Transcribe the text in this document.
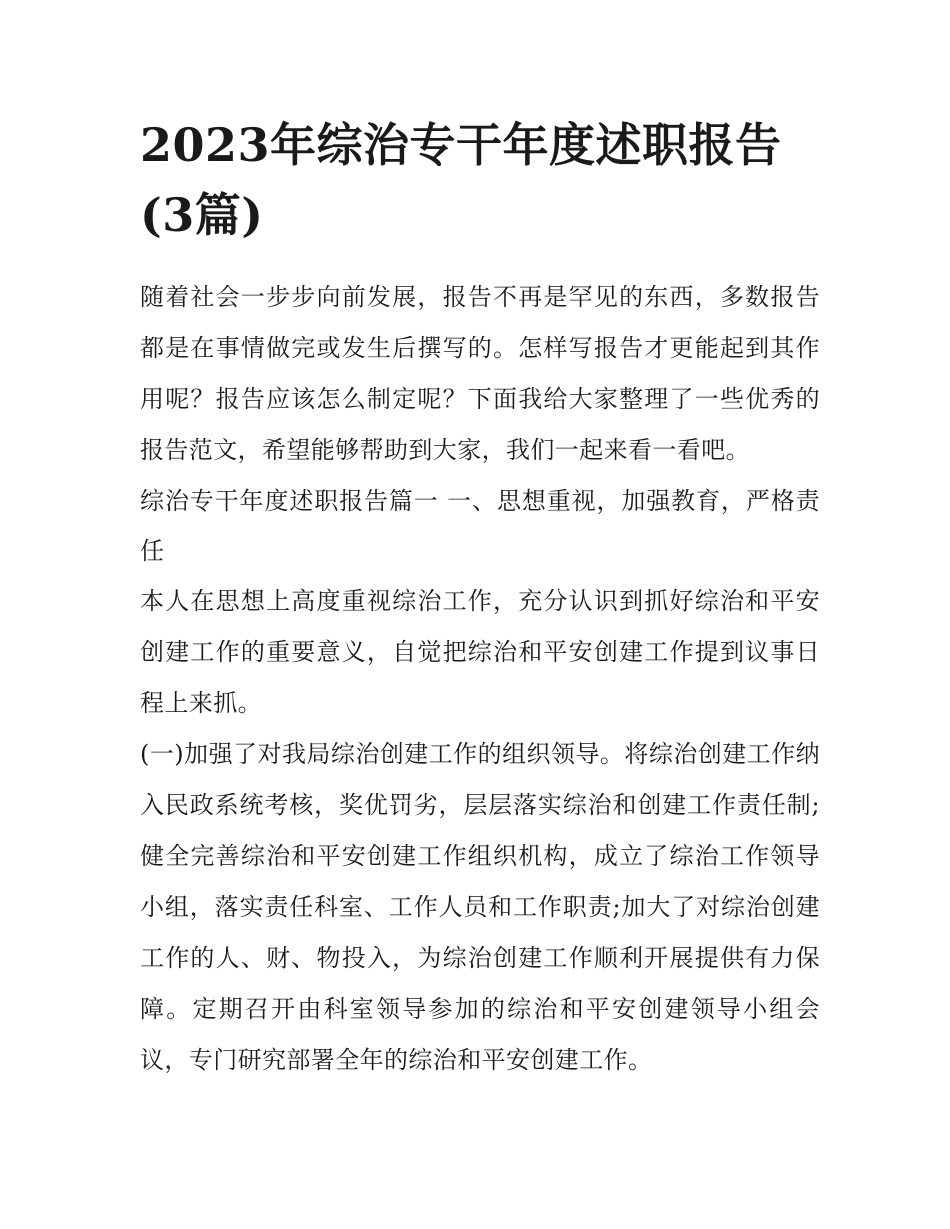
2023年综治专干年度述职报告(3篇)

随着社会一步步向前发展，报告不再是罕见的东西，多数报告都是在事情做完或发生后撰写的。怎样写报告才更能起到其作用呢？报告应该怎么制定呢？下面我给大家整理了一些优秀的报告范文，希望能够帮助到大家，我们一起来看一看吧。

综治专干年度述职报告篇一 一、思想重视，加强教育，严格责任

本人在思想上高度重视综治工作，充分认识到抓好综治和平安创建工作的重要意义，自觉把综治和平安创建工作提到议事日程上来抓。

(一)加强了对我局综治创建工作的组织领导。将综治创建工作纳入民政系统考核，奖优罚劣，层层落实综治和创建工作责任制;健全完善综治和平安创建工作组织机构，成立了综治工作领导小组，落实责任科室、工作人员和工作职责;加大了对综治创建工作的人、财、物投入，为综治创建工作顺利开展提供有力保障。定期召开由科室领导参加的综治和平安创建领导小组会议，专门研究部署全年的综治和平安创建工作。
